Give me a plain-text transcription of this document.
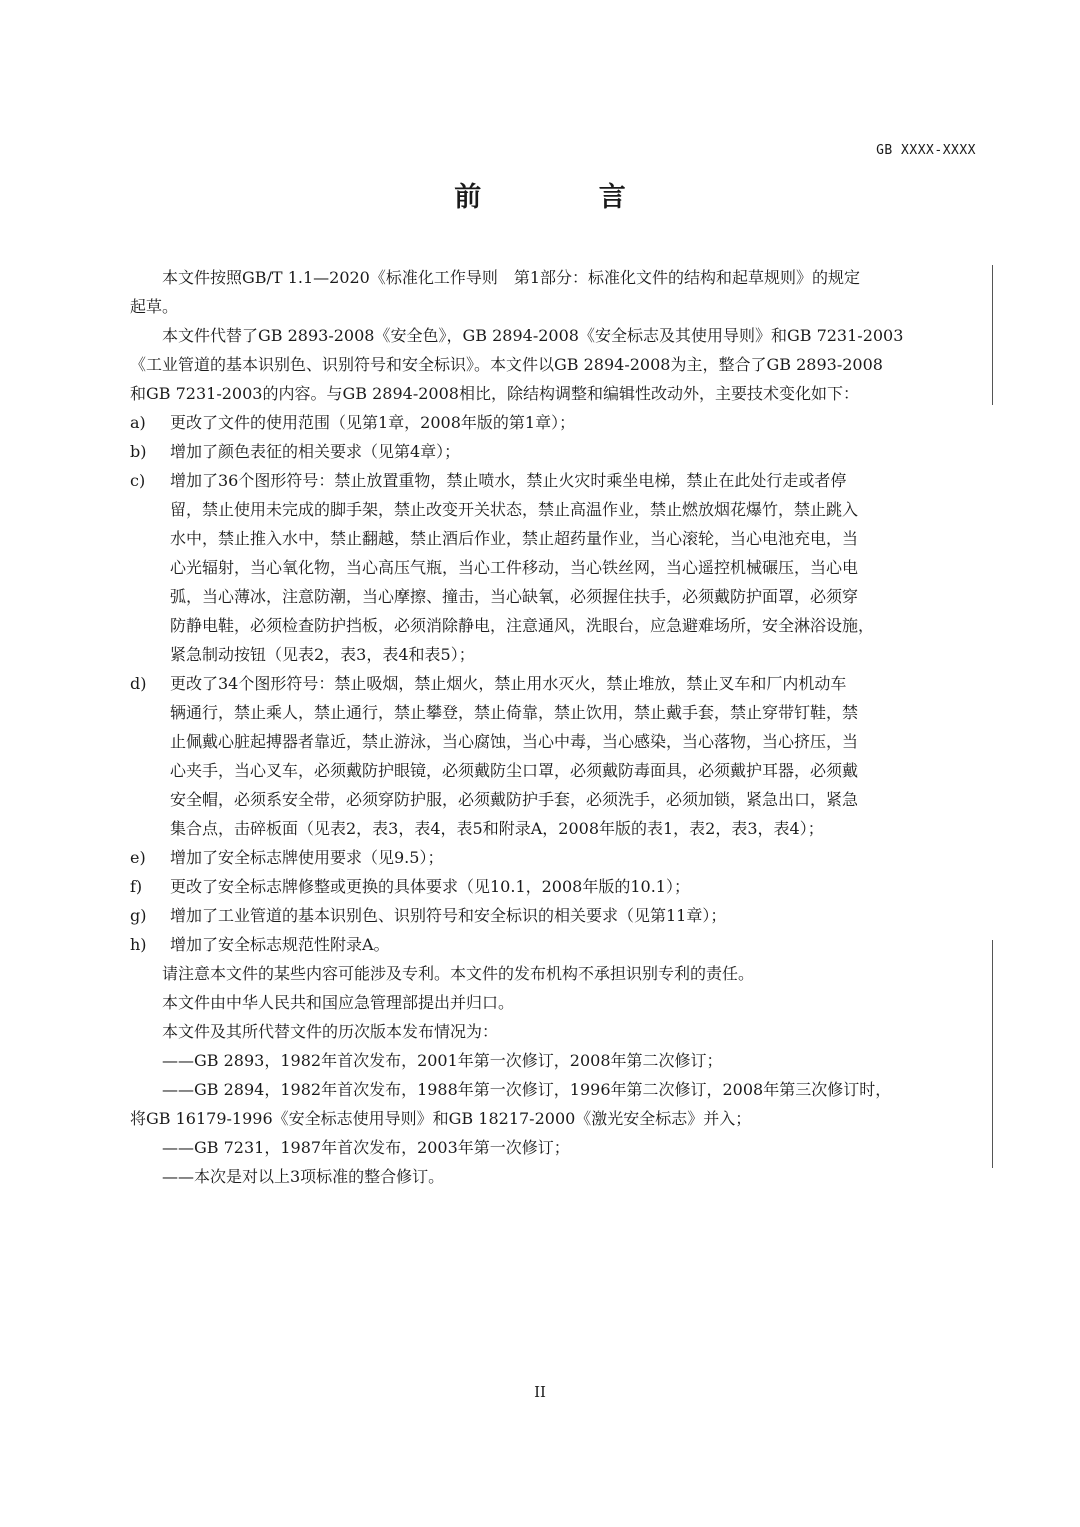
GB XXXX-XXXX
前 言

本文件按照GB/T 1.1—2020《标准化工作导则　第1部分：标准化文件的结构和起草规则》的规定
起草。

本文件代替了GB 2893-2008《安全色》，GB 2894-2008《安全标志及其使用导则》和GB 7231-2003
《工业管道的基本识别色、识别符号和安全标识》。本文件以GB 2894-2008为主，整合了GB 2893-2008
和GB 7231-2003的内容。与GB 2894-2008相比，除结构调整和编辑性改动外，主要技术变化如下：

a) 更改了文件的使用范围（见第1章，2008年版的第1章）；
b) 增加了颜色表征的相关要求（见第4章）；
c) 增加了36个图形符号：禁止放置重物，禁止喷水，禁止火灾时乘坐电梯，禁止在此处行走或者停
留，禁止使用未完成的脚手架，禁止改变开关状态，禁止高温作业，禁止燃放烟花爆竹，禁止跳入
水中，禁止推入水中，禁止翻越，禁止酒后作业，禁止超药量作业，当心滚轮，当心电池充电，当
心光辐射，当心氧化物，当心高压气瓶，当心工件移动，当心铁丝网，当心遥控机械碾压，当心电
弧，当心薄冰，注意防潮，当心摩擦、撞击，当心缺氧，必须握住扶手，必须戴防护面罩，必须穿
防静电鞋，必须检查防护挡板，必须消除静电，注意通风，洗眼台，应急避难场所，安全淋浴设施，
紧急制动按钮（见表2，表3，表4和表5）；
d) 更改了34个图形符号：禁止吸烟，禁止烟火，禁止用水灭火，禁止堆放，禁止叉车和厂内机动车
辆通行，禁止乘人，禁止通行，禁止攀登，禁止倚靠，禁止饮用，禁止戴手套，禁止穿带钉鞋，禁
止佩戴心脏起搏器者靠近，禁止游泳，当心腐蚀，当心中毒，当心感染，当心落物，当心挤压，当
心夹手，当心叉车，必须戴防护眼镜，必须戴防尘口罩，必须戴防毒面具，必须戴护耳器，必须戴
安全帽，必须系安全带，必须穿防护服，必须戴防护手套，必须洗手，必须加锁，紧急出口，紧急
集合点，击碎板面（见表2，表3，表4，表5和附录A，2008年版的表1，表2，表3，表4）；
e) 增加了安全标志牌使用要求（见9.5）；
f) 更改了安全标志牌修整或更换的具体要求（见10.1，2008年版的10.1）；
g) 增加了工业管道的基本识别色、识别符号和安全标识的相关要求（见第11章）；
h) 增加了安全标志规范性附录A。

请注意本文件的某些内容可能涉及专利。本文件的发布机构不承担识别专利的责任。

本文件由中华人民共和国应急管理部提出并归口。

本文件及其所代替文件的历次版本发布情况为：

——GB 2893，1982年首次发布，2001年第一次修订，2008年第二次修订；

——GB 2894，1982年首次发布，1988年第一次修订，1996年第二次修订，2008年第三次修订时，
将GB 16179-1996《安全标志使用导则》和GB 18217-2000《激光安全标志》并入；

——GB 7231，1987年首次发布，2003年第一次修订；

——本次是对以上3项标准的整合修订。

II
